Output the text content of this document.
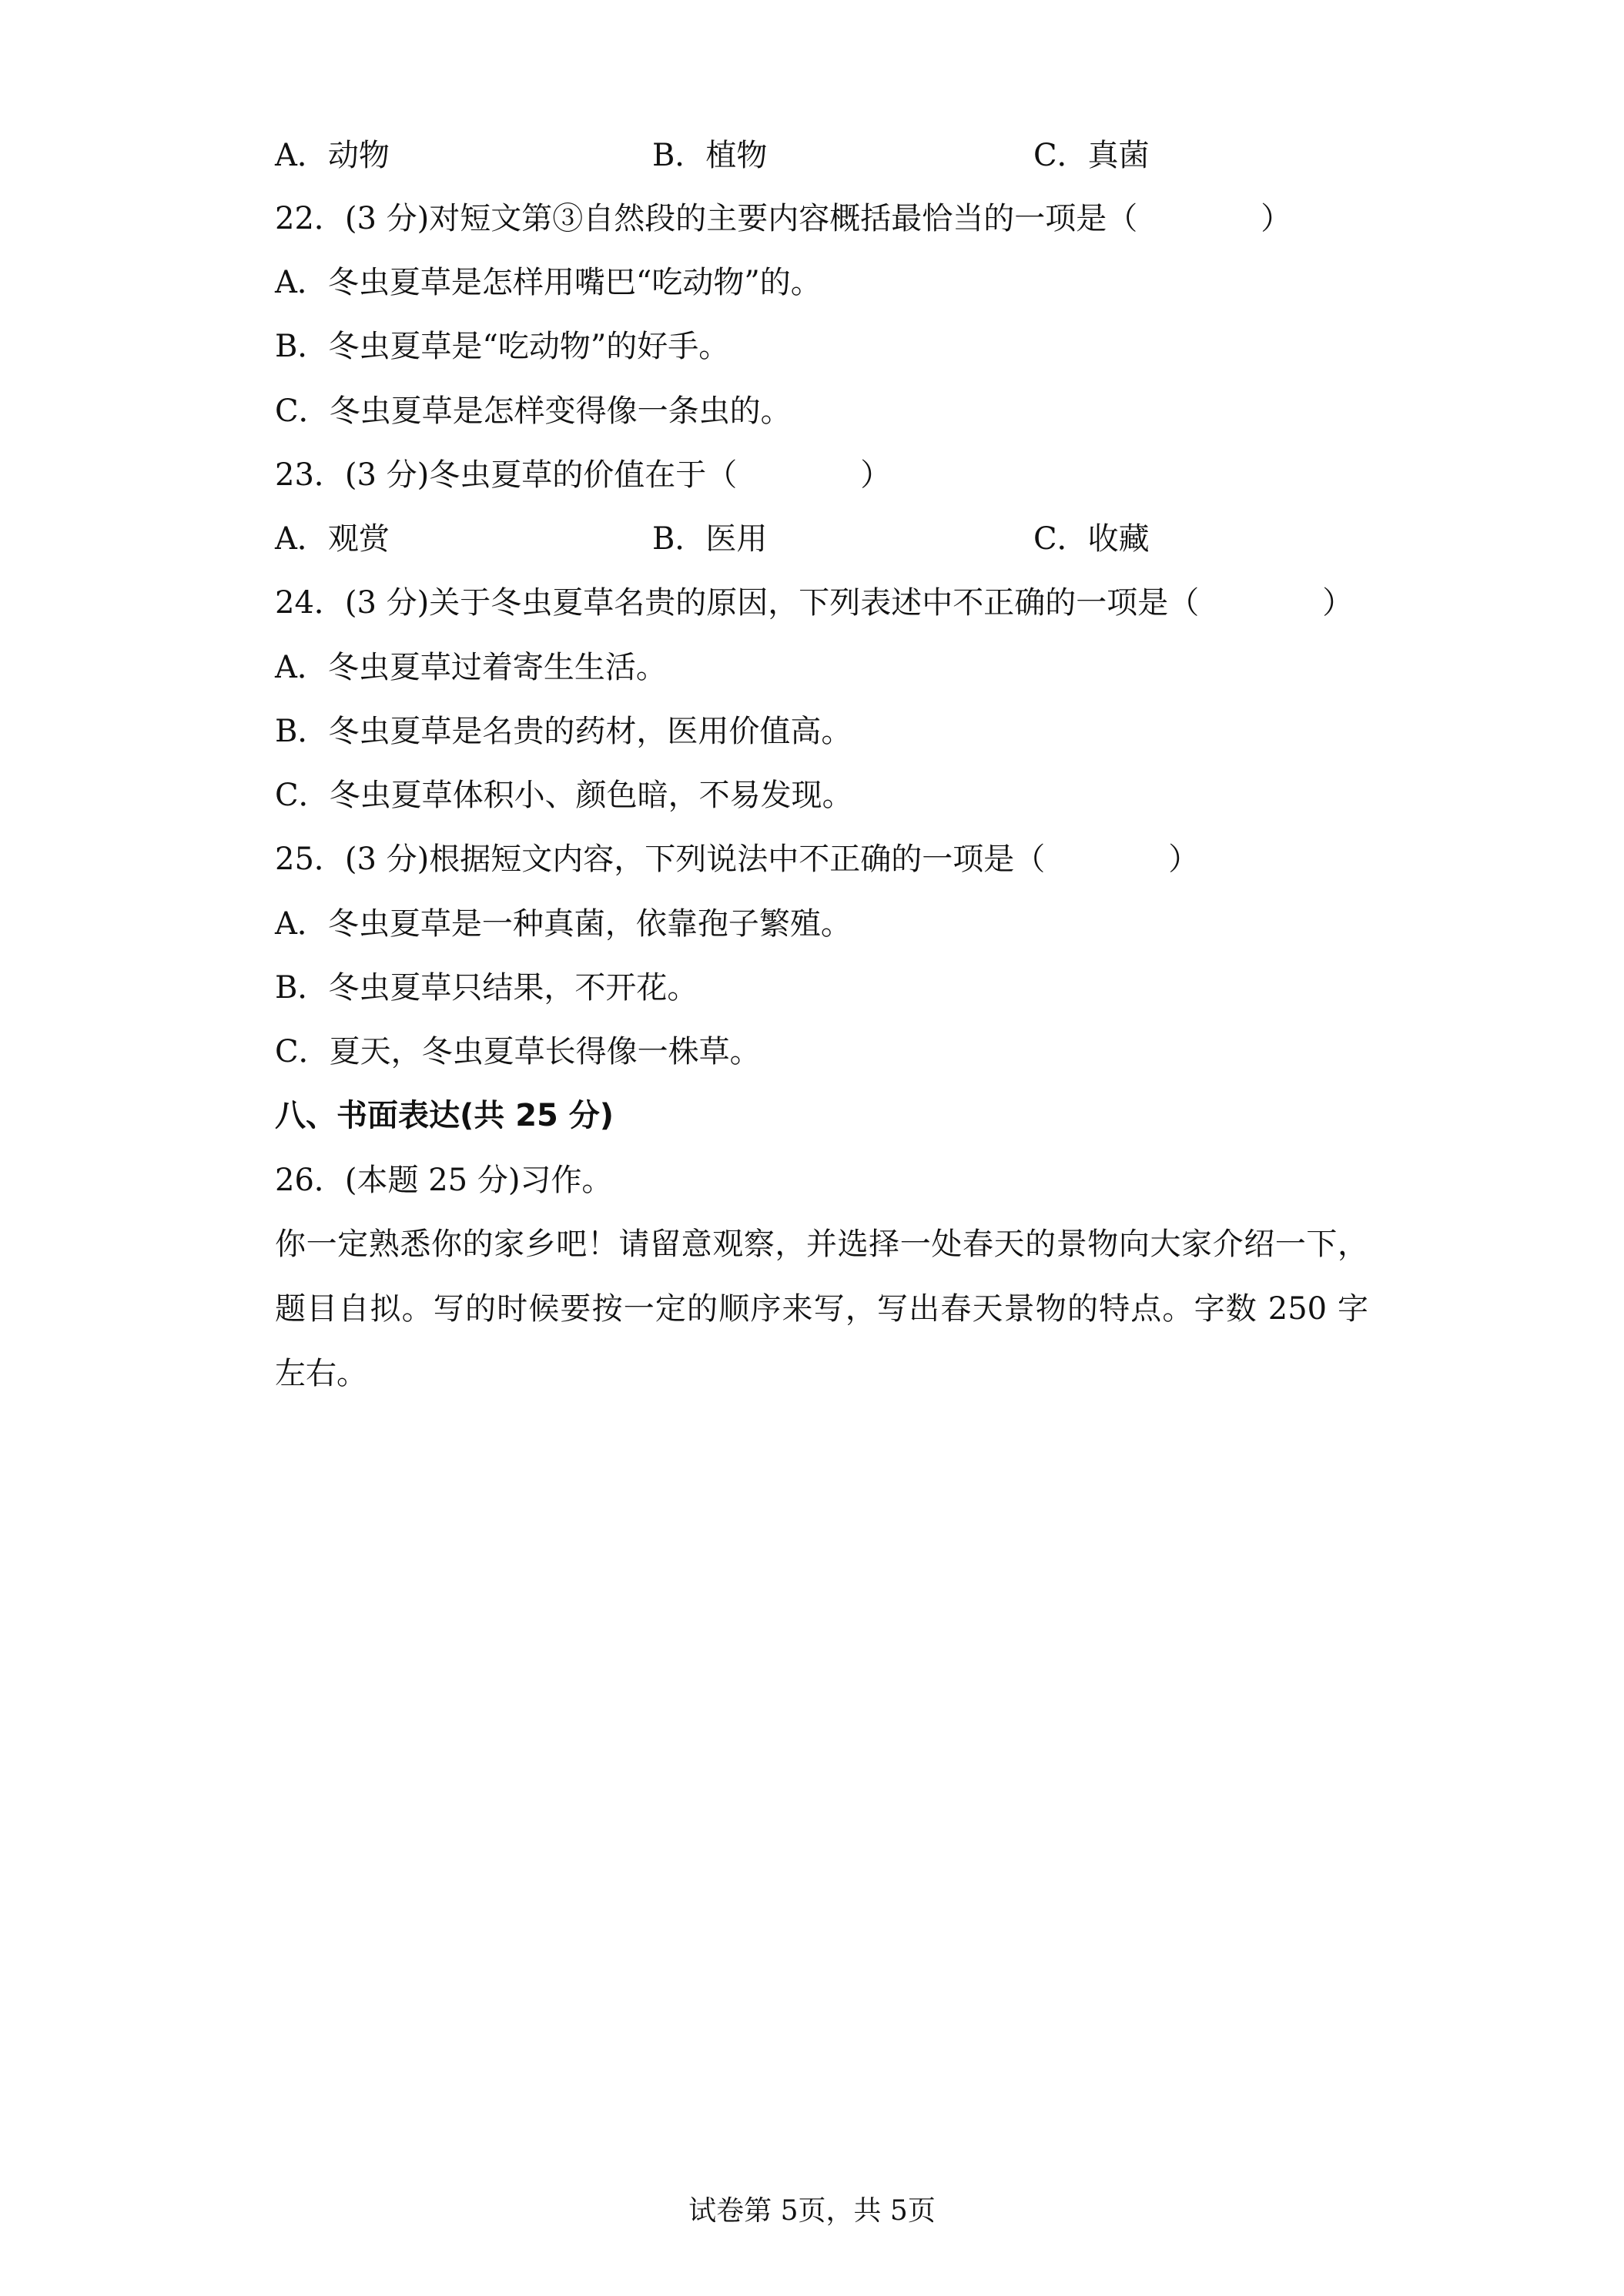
A．动物	B．植物	C．真菌
22．(3 分)对短文第③自然段的主要内容概括最恰当的一项是（　　　　）
A．冬虫夏草是怎样用嘴巴“吃动物”的。
B．冬虫夏草是“吃动物”的好手。
C．冬虫夏草是怎样变得像一条虫的。
23．(3 分)冬虫夏草的价值在于（　　　　）
A．观赏	B．医用	C．收藏
24．(3 分)关于冬虫夏草名贵的原因，下列表述中不正确的一项是（　　　　）
A．冬虫夏草过着寄生生活。
B．冬虫夏草是名贵的药材，医用价值高。
C．冬虫夏草体积小、颜色暗，不易发现。
25．(3 分)根据短文内容，下列说法中不正确的一项是（　　　　）
A．冬虫夏草是一种真菌，依靠孢子繁殖。
B．冬虫夏草只结果，不开花。
C．夏天，冬虫夏草长得像一株草。
八、书面表达(共 25 分)
26．(本题 25 分)习作。
你一定熟悉你的家乡吧！请留意观察，并选择一处春天的景物向大家介绍一下，题目自拟。写的时候要按一定的顺序来写，写出春天景物的特点。字数 250 字左右。
试卷第 5页，共 5页
